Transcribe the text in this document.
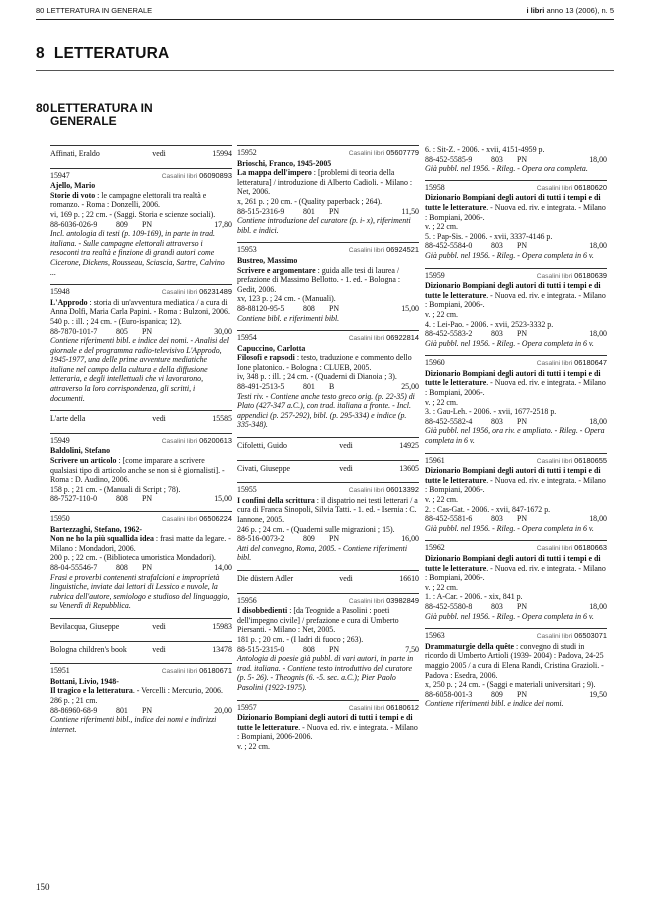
80 LETTERATURA IN GENERALE	i libri anno 13 (2006), n. 5
8 LETTERATURA
80 LETTERATURA IN
GENERALE
Affinati, Eraldo	vedi	15994
15947	Casalini libri 06090893
Ajello, Mario
Storie di voto : le campagne elettorali tra realtà e romanzo. - Roma : Donzelli, 2006.
vi, 169 p. ; 22 cm. - (Saggi. Storia e scienze sociali).
88-6036-026-9	809	PN	17,80
Incl. antologia di testi (p. 109-169), in parte in trad. italiana. - Sulle campagne elettorali attraverso i resoconti tra realtà e finzione di grandi autori come Cicerone, Dickens, Rousseau, Sciascia, Sartre, Calvino ...
15948	Casalini libri 06231489
L'Approdo : storia di un'avventura mediatica / a cura di Anna Dolfi, Maria Carla Papini. - Roma : Bulzoni, 2006.
540 p. : ill. ; 24 cm. - (Euro-ispanica; 12).
88-7870-101-7	805	PN	30,00
Contiene riferimenti bibl. e indice dei nomi. - Analisi del giornale e del programma radio-televisivo L'Approdo, 1945-1977, una delle prime avventure mediatiche italiane nel campo della cultura e della diffusione letteraria, e degli intellettuali che vi lavorarono, attraverso la loro corrispondenza, gli scritti, i documenti.
L'arte della	vedi	15585
15949	Casalini libri 06200613
Baldolini, Stefano
Scrivere un articolo : [come imparare a scrivere qualsiasi tipo di articolo anche se non si è giornalisti]. - Roma : D. Audino, 2006.
158 p. ; 21 cm. - (Manuali di Script ; 78).
88-7527-110-0	808	PN	15,00
15950	Casalini libri 06506224
Bartezzaghi, Stefano, 1962-
Non ne ho la più squallida idea : frasi matte da legare. - Milano : Mondadori, 2006.
200 p. ; 22 cm. - (Biblioteca umoristica Mondadori).
88-04-55546-7	808	PN	14,00
Frasi e proverbi contenenti strafalcioni e improprietà linguistiche, inviate dai lettori di Lessico e nuvole, la rubrica dell'autore, semiologo e studioso del linguaggio, su Venerdì di Repubblica.
Bevilacqua, Giuseppe	vedi	15983
Bologna children's book	vedi	13478
15951	Casalini libri 06180671
Bottani, Livio, 1948-
Il tragico e la letteratura. - Vercelli : Mercurio, 2006.
286 p. ; 21 cm.
88-86960-68-9	801	PN	20,00
Contiene riferimenti bibl., indice dei nomi e indirizzi internet.
15952	Casalini libri 05607779
Brioschi, Franco, 1945-2005
La mappa dell'impero : [problemi di teoria della letteratura] / introduzione di Alberto Cadioli. - Milano : Net, 2006.
x, 261 p. ; 20 cm. - (Quality paperback ; 264).
88-515-2316-9	801	PN	11,50
Contiene introduzione del curatore (p. i- x), riferimenti bibl. e indici.
15953	Casalini libri 06924521
Bustreo, Massimo
Scrivere e argomentare : guida alle tesi di laurea / prefazione di Massimo Bellotto. - 1. ed. - Bologna : Gedit, 2006.
xv, 123 p. ; 24 cm. - (Manuali).
88-88120-95-5	808	PN	15,00
Contiene bibl. e riferimenti bibl.
15954	Casalini libri 06922814
Capuccino, Carlotta
Filosofi e rapsodi : testo, traduzione e commento dello Ione platonico. - Bologna : CLUEB, 2005.
iv, 348 p. : ill. ; 24 cm. - (Quaderni di Dianoia ; 3).
88-491-2513-5	801	B	25,00
Testi riv. - Contiene anche testo greco orig. (p. 22-35) di Plato (427-347 a.C.), con trad. italiana a fronte. - Incl. appendici (p. 257-292), bibl. (p. 295-334) e indice (p. 335-348).
Cifoletti, Guido	vedi	14925
Civati, Giuseppe	vedi	13605
15955	Casalini libri 06013392
I confini della scrittura : il dispatrio nei testi letterari / a cura di Franca Sinopoli, Silvia Tatti. - 1. ed. - Isernia : C. Iannone, 2005.
246 p. ; 24 cm. - (Quaderni sulle migrazioni ; 15).
88-516-0073-2	809	PN	16,00
Atti del convegno, Roma, 2005. - Contiene riferimenti bibl.
Die düstern Adler	vedi	16610
15956	Casalini libri 03982849
I disobbedienti : [da Teognide a Pasolini : poeti dell'impegno civile] / prefazione e cura di Umberto Piersanti. - Milano : Net, 2005.
181 p. ; 20 cm. - (I ladri di fuoco ; 263).
88-515-2315-0	808	PN	7,50
Antologia di poesie già pubbl. di vari autori, in parte in trad. italiana. - Contiene testo introduttivo del curatore (p. 5- 26). - Theognis (6. -5. sec. a.C.); Pier Paolo Pasolini (1922-1975).
15957	Casalini libri 06180612
Dizionario Bompiani degli autori di tutti i tempi e di tutte le letterature. - Nuova ed. riv. e integrata. - Milano : Bompiani, 2006-2006.
v. ; 22 cm.
6. : Sit-Z. - 2006. - xvii, 4151-4959 p.
88-452-5585-9	803	PN	18,00
Già pubbl. nel 1956. - Rileg. - Opera ora completa.
15958	Casalini libri 06180620
Dizionario Bompiani degli autori di tutti i tempi e di tutte le letterature. - Nuova ed. riv. e integrata. - Milano : Bompiani, 2006-.
v. ; 22 cm.
5. : Pap-Sis. - 2006. - xvii, 3337-4146 p.
88-452-5584-0	803	PN	18,00
Già pubbl. nel 1956. - Rileg. - Opera completa in 6 v.
15959	Casalini libri 06180639
Dizionario Bompiani degli autori di tutti i tempi e di tutte le letterature. - Nuova ed. riv. e integrata. - Milano : Bompiani, 2006-.
v. ; 22 cm.
4. : Lei-Pao. - 2006. - xvii, 2523-3332 p.
88-452-5583-2	803	PN	18,00
Già pubbl. nel 1956. - Rileg. - Opera completa in 6 v.
15960	Casalini libri 06180647
Dizionario Bompiani degli autori di tutti i tempi e di tutte le letterature. - Nuova ed. riv. e integrata. - Milano : Bompiani, 2006-.
v. ; 22 cm.
3. : Gau-Leh. - 2006. - xvii, 1677-2518 p.
88-452-5582-4	803	PN	18,00
Già pubbl. nel 1956, ora riv. e ampliato. - Rileg. - Opera completa in 6 v.
15961	Casalini libri 06180655
Dizionario Bompiani degli autori di tutti i tempi e di tutte le letterature. - Nuova ed. riv. e integrata. - Milano : Bompiani, 2006-.
v. ; 22 cm.
2. : Cas-Gat. - 2006. - xvii, 847-1672 p.
88-452-5581-6	803	PN	18,00
Già pubbl. nel 1956. - Rileg. - Opera completa in 6 v.
15962	Casalini libri 06180663
Dizionario Bompiani degli autori di tutti i tempi e di tutte le letterature. - Nuova ed. riv. e integrata. - Milano : Bompiani, 2006-.
v. ; 22 cm.
1. : A-Car. - 2006. - xix, 841 p.
88-452-5580-8	803	PN	18,00
Già pubbl. nel 1956. - Rileg. - Opera completa in 6 v.
15963	Casalini libri 06503071
Drammaturgie della quête : convegno di studi in ricordo di Umberto Artioli (1939- 2004) : Padova, 24-25 maggio 2005 / a cura di Elena Randi, Cristina Grazioli. - Padova : Esedra, 2006.
x, 250 p. ; 24 cm. - (Saggi e materiali universitari ; 9).
88-6058-001-3	809	PN	19,50
Contiene riferimenti bibl. e indice dei nomi.
150
